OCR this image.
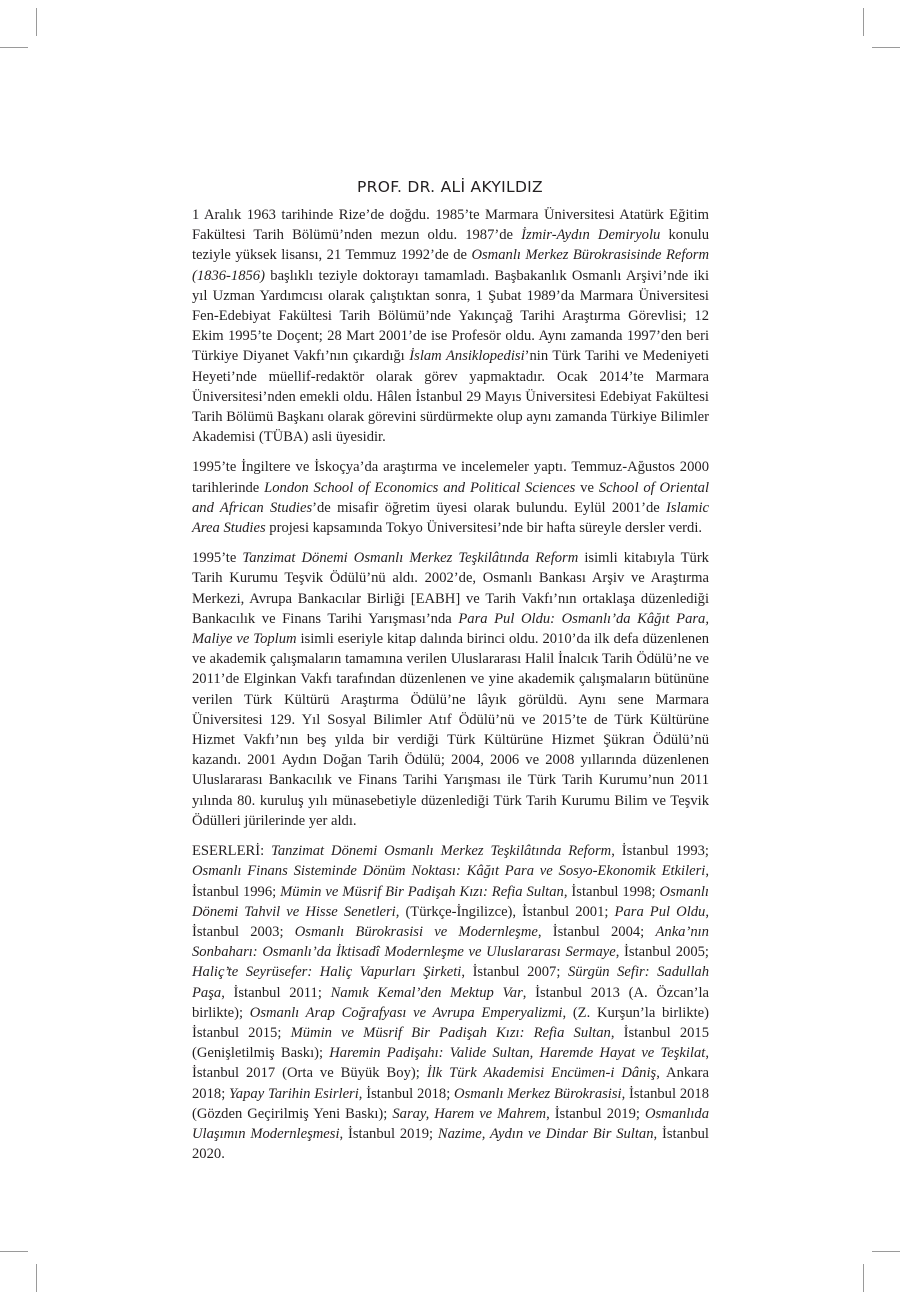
PROF. DR. ALİ AKYILDIZ

1 Aralık 1963 tarihinde Rize’de doğdu. 1985’te Marmara Üniversitesi Atatürk Eğitim Fakültesi Tarih Bölümü’nden mezun oldu. 1987’de İzmir-Aydın Demiryolu konulu teziyle yüksek lisansı, 21 Temmuz 1992’de de Osmanlı Merkez Bürokrasisinde Reform (1836-1856) başlıklı teziyle doktorayı tamamladı. Başbakanlık Osmanlı Arşivi’nde iki yıl Uzman Yardımcısı olarak çalıştıktan sonra, 1 Şubat 1989’da Marmara Üniversitesi Fen-Edebiyat Fakültesi Tarih Bölümü’nde Yakınçağ Tarihi Araştırma Görevlisi; 12 Ekim 1995’te Doçent; 28 Mart 2001’de ise Profesör oldu. Aynı zamanda 1997’den beri Türkiye Diyanet Vakfı’nın çıkardığı İslam Ansiklopedisi’nin Türk Tarihi ve Medeniyeti Heyeti’nde müellif-redaktör olarak görev yapmaktadır. Ocak 2014’te Marmara Üniversitesi’nden emekli oldu. Hâlen İstanbul 29 Mayıs Üniversitesi Edebiyat Fakültesi Tarih Bölümü Başkanı olarak görevini sürdürmekte olup aynı zamanda Türkiye Bilimler Akademisi (TÜBA) asli üyesidir.

1995’te İngiltere ve İskoçya’da araştırma ve incelemeler yaptı. Temmuz-Ağustos 2000 tarihlerinde London School of Economics and Political Sciences ve School of Oriental and African Studies’de misafir öğretim üyesi olarak bulundu. Eylül 2001’de Islamic Area Studies projesi kapsamında Tokyo Üniversitesi’nde bir hafta süreyle dersler verdi.

1995’te Tanzimat Dönemi Osmanlı Merkez Teşkilâtında Reform isimli kitabıyla Türk Tarih Kurumu Teşvik Ödülü’nü aldı. 2002’de, Osmanlı Bankası Arşiv ve Araştırma Merkezi, Avrupa Bankacılar Birliği [EABH] ve Tarih Vakfı’nın ortaklaşa düzenlediği Bankacılık ve Finans Tarihi Yarışması’nda Para Pul Oldu: Osmanlı’da Kâğıt Para, Maliye ve Toplum isimli eseriyle kitap dalında birinci oldu. 2010’da ilk defa düzenlenen ve akademik çalışmaların tamamına verilen Uluslararası Halil İnalcık Tarih Ödülü’ne ve 2011’de Elginkan Vakfı tarafından düzenlenen ve yine akademik çalışmaların bütününe verilen Türk Kültürü Araştırma Ödülü’ne lâyık görüldü. Aynı sene Marmara Üniversitesi 129. Yıl Sosyal Bilimler Atıf Ödülü’nü ve 2015’te de Türk Kültürüne Hizmet Vakfı’nın beş yılda bir verdiği Türk Kültürüne Hizmet Şükran Ödülü’nü kazandı. 2001 Aydın Doğan Tarih Ödülü; 2004, 2006 ve 2008 yıllarında düzenlenen Uluslararası Bankacılık ve Finans Tarihi Yarışması ile Türk Tarih Kurumu’nun 2011 yılında 80. kuruluş yılı münasebetiyle düzenlediği Türk Tarih Kurumu Bilim ve Teşvik Ödülleri jürilerinde yer aldı.

ESERLERİ: Tanzimat Dönemi Osmanlı Merkez Teşkilâtında Reform, İstanbul 1993; Osmanlı Finans Sisteminde Dönüm Noktası: Kâğıt Para ve Sosyo-Ekonomik Etkileri, İstanbul 1996; Mümin ve Müsrif Bir Padişah Kızı: Refia Sultan, İstanbul 1998; Osmanlı Dönemi Tahvil ve Hisse Senetleri, (Türkçe-İngilizce), İstanbul 2001; Para Pul Oldu, İstanbul 2003; Osmanlı Bürokrasisi ve Modernleşme, İstanbul 2004; Anka’nın Sonbaharı: Osmanlı’da İktisadî Modernleşme ve Uluslararası Sermaye, İstanbul 2005; Haliç’te Seyrüsefer: Haliç Vapurları Şirketi, İstanbul 2007; Sürgün Sefir: Sadullah Paşa, İstanbul 2011; Namık Kemal’den Mektup Var, İstanbul 2013 (A. Özcan’la birlikte); Osmanlı Arap Coğrafyası ve Avrupa Emperyalizmi, (Z. Kurşun’la birlikte) İstanbul 2015; Mümin ve Müsrif Bir Padişah Kızı: Refia Sultan, İstanbul 2015 (Genişletilmiş Baskı); Haremin Padişahı: Valide Sultan, Haremde Hayat ve Teşkilat, İstanbul 2017 (Orta ve Büyük Boy); İlk Türk Akademisi Encümen-i Dâniş, Ankara 2018; Yapay Tarihin Esirleri, İstanbul 2018; Osmanlı Merkez Bürokrasisi, İstanbul 2018 (Gözden Geçirilmiş Yeni Baskı); Saray, Harem ve Mahrem, İstanbul 2019; Osmanlıda Ulaşımın Modernleşmesi, İstanbul 2019; Nazime, Aydın ve Dindar Bir Sultan, İstanbul 2020.
